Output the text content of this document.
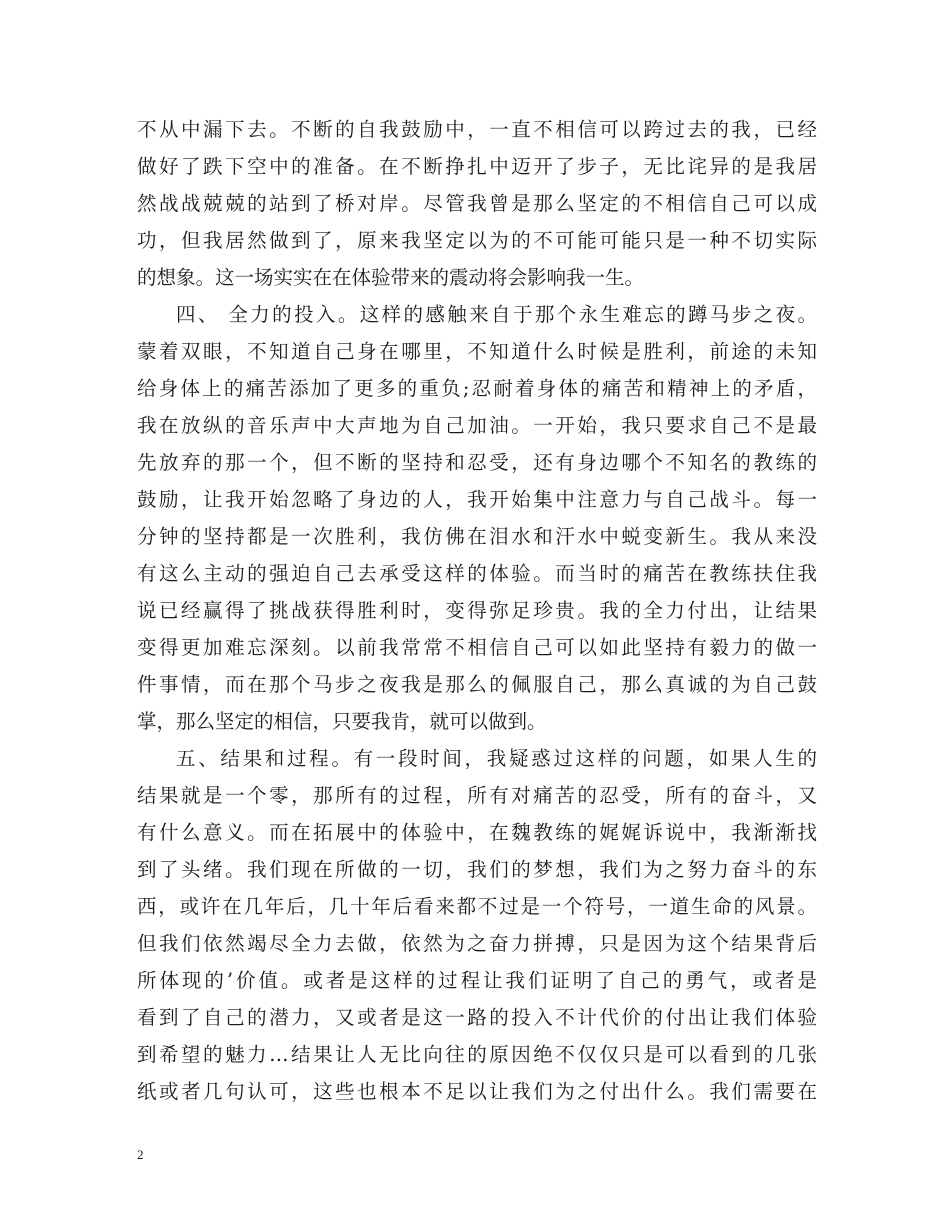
不从中漏下去。不断的自我鼓励中，一直不相信可以跨过去的我，已经
做好了跌下空中的准备。在不断挣扎中迈开了步子，无比诧异的是我居
然战战兢兢的站到了桥对岸。尽管我曾是那么坚定的不相信自己可以成
功，但我居然做到了，原来我坚定以为的不可能可能只是一种不切实际
的想象。这一场实实在在体验带来的震动将会影响我一生。
四、 全力的投入。这样的感触来自于那个永生难忘的蹲马步之夜。
蒙着双眼，不知道自己身在哪里，不知道什么时候是胜利，前途的未知
给身体上的痛苦添加了更多的重负;忍耐着身体的痛苦和精神上的矛盾，
我在放纵的音乐声中大声地为自己加油。一开始，我只要求自己不是最
先放弃的那一个，但不断的坚持和忍受，还有身边哪个不知名的教练的
鼓励，让我开始忽略了身边的人，我开始集中注意力与自己战斗。每一
分钟的坚持都是一次胜利，我仿佛在泪水和汗水中蜕变新生。我从来没
有这么主动的强迫自己去承受这样的体验。而当时的痛苦在教练扶住我
说已经赢得了挑战获得胜利时，变得弥足珍贵。我的全力付出，让结果
变得更加难忘深刻。以前我常常不相信自己可以如此坚持有毅力的做一
件事情，而在那个马步之夜我是那么的佩服自己，那么真诚的为自己鼓
掌，那么坚定的相信，只要我肯，就可以做到。
五、结果和过程。有一段时间，我疑惑过这样的问题，如果人生的
结果就是一个零，那所有的过程，所有对痛苦的忍受，所有的奋斗，又
有什么意义。而在拓展中的体验中，在魏教练的娓娓诉说中，我渐渐找
到了头绪。我们现在所做的一切，我们的梦想，我们为之努力奋斗的东
西，或许在几年后，几十年后看来都不过是一个符号，一道生命的风景。
但我们依然竭尽全力去做，依然为之奋力拼搏，只是因为这个结果背后
所体现的’价值。或者是这样的过程让我们证明了自己的勇气，或者是
看到了自己的潜力，又或者是这一路的投入不计代价的付出让我们体验
到希望的魅力…结果让人无比向往的原因绝不仅仅只是可以看到的几张
纸或者几句认可，这些也根本不足以让我们为之付出什么。我们需要在
2
